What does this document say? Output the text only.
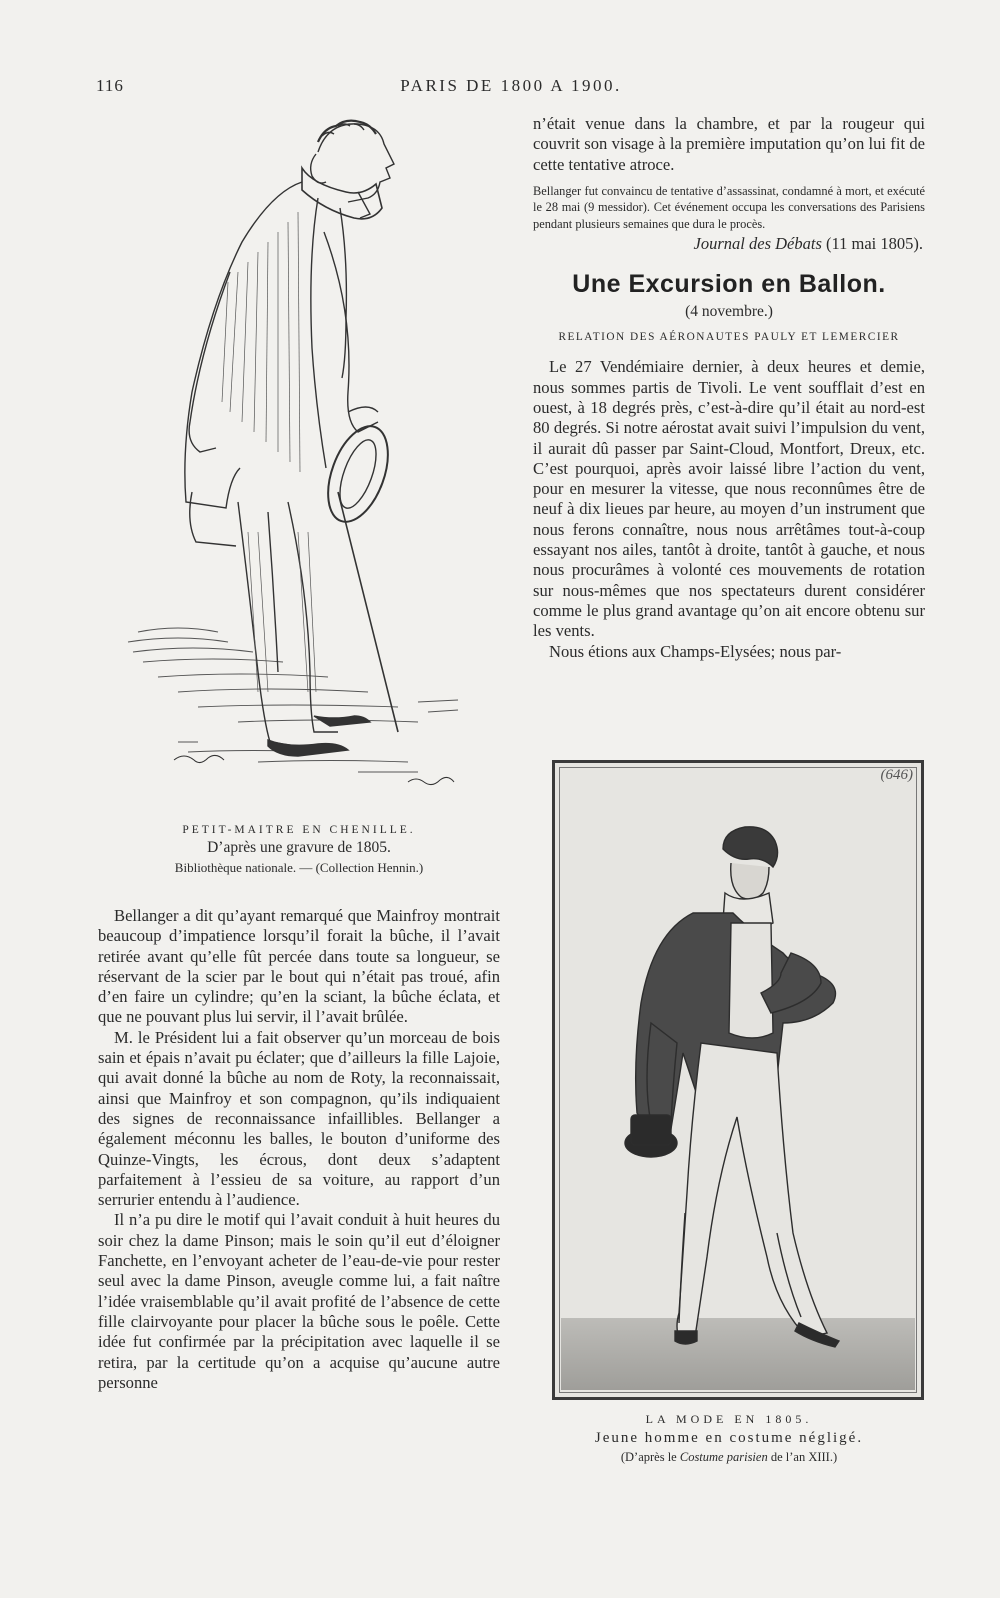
116	PARIS DE 1800 A 1900.

PETIT-MAITRE EN CHENILLE.

D’après une gravure de 1805.

Bibliothèque nationale. — (Collection Hennin.)

Bellanger a dit qu’ayant remarqué que Mainfroy montrait beaucoup d’impatience lorsqu’il forait la bûche, il l’avait retirée avant qu’elle fût percée dans toute sa longueur, se réservant de la scier par le bout qui n’était pas troué, afin d’en faire un cylindre; qu’en la sciant, la bûche éclata, et que ne pouvant plus lui servir, il l’avait brûlée.

M. le Président lui a fait observer qu’un morceau de bois sain et épais n’avait pu éclater; que d’ailleurs la fille Lajoie, qui avait donné la bûche au nom de Roty, la reconnaissait, ainsi que Mainfroy et son compagnon, qu’ils indiquaient des signes de reconnaissance infaillibles. Bellanger a également méconnu les balles, le bouton d’uniforme des Quinze-Vingts, les écrous, dont deux s’adaptent parfaitement à l’essieu de sa voiture, au rapport d’un serrurier entendu à l’audience.

Il n’a pu dire le motif qui l’avait conduit à huit heures du soir chez la dame Pinson; mais le soin qu’il eut d’éloigner Fanchette, en l’envoyant acheter de l’eau-de-vie pour rester seul avec la dame Pinson, aveugle comme lui, a fait naître l’idée vraisemblable qu’il avait profité de l’absence de cette fille clairvoyante pour placer la bûche sous le poêle. Cette idée fut confirmée par la précipitation avec laquelle il se retira, par la certitude qu’on a acquise qu’aucune autre personne

n’était venue dans la chambre, et par la rougeur qui couvrit son visage à la première imputation qu’on lui fit de cette tentative atroce.

Bellanger fut convaincu de tentative d’assassinat, condamné à mort, et exécuté le 28 mai (9 messidor). Cet événement occupa les conversations des Parisiens pendant plusieurs semaines que dura le procès.

Journal des Débats (11 mai 1805).

Une Excursion en Ballon.

(4 novembre.)

RELATION DES AÉRONAUTES PAULY ET LEMERCIER

Le 27 Vendémiaire dernier, à deux heures et demie, nous sommes partis de Tivoli. Le vent soufflait d’est en ouest, à 18 degrés près, c’est-à-dire qu’il était au nord-est 80 degrés. Si notre aérostat avait suivi l’impulsion du vent, il aurait dû passer par Saint-Cloud, Montfort, Dreux, etc. C’est pourquoi, après avoir laissé libre l’action du vent, pour en mesurer la vitesse, que nous reconnûmes être de neuf à dix lieues par heure, au moyen d’un instrument que nous ferons connaître, nous nous arrêtâmes tout-à-coup essayant nos ailes, tantôt à droite, tantôt à gauche, et nous nous procurâmes à volonté ces mouvements de rotation sur nous-mêmes que nos spectateurs durent considérer comme le plus grand avantage qu’on ait encore obtenu sur les vents.

Nous étions aux Champs-Elysées; nous par-

(646)

LA MODE EN 1805.

Jeune homme en costume négligé.

(D’après le Costume parisien de l’an XIII.)
